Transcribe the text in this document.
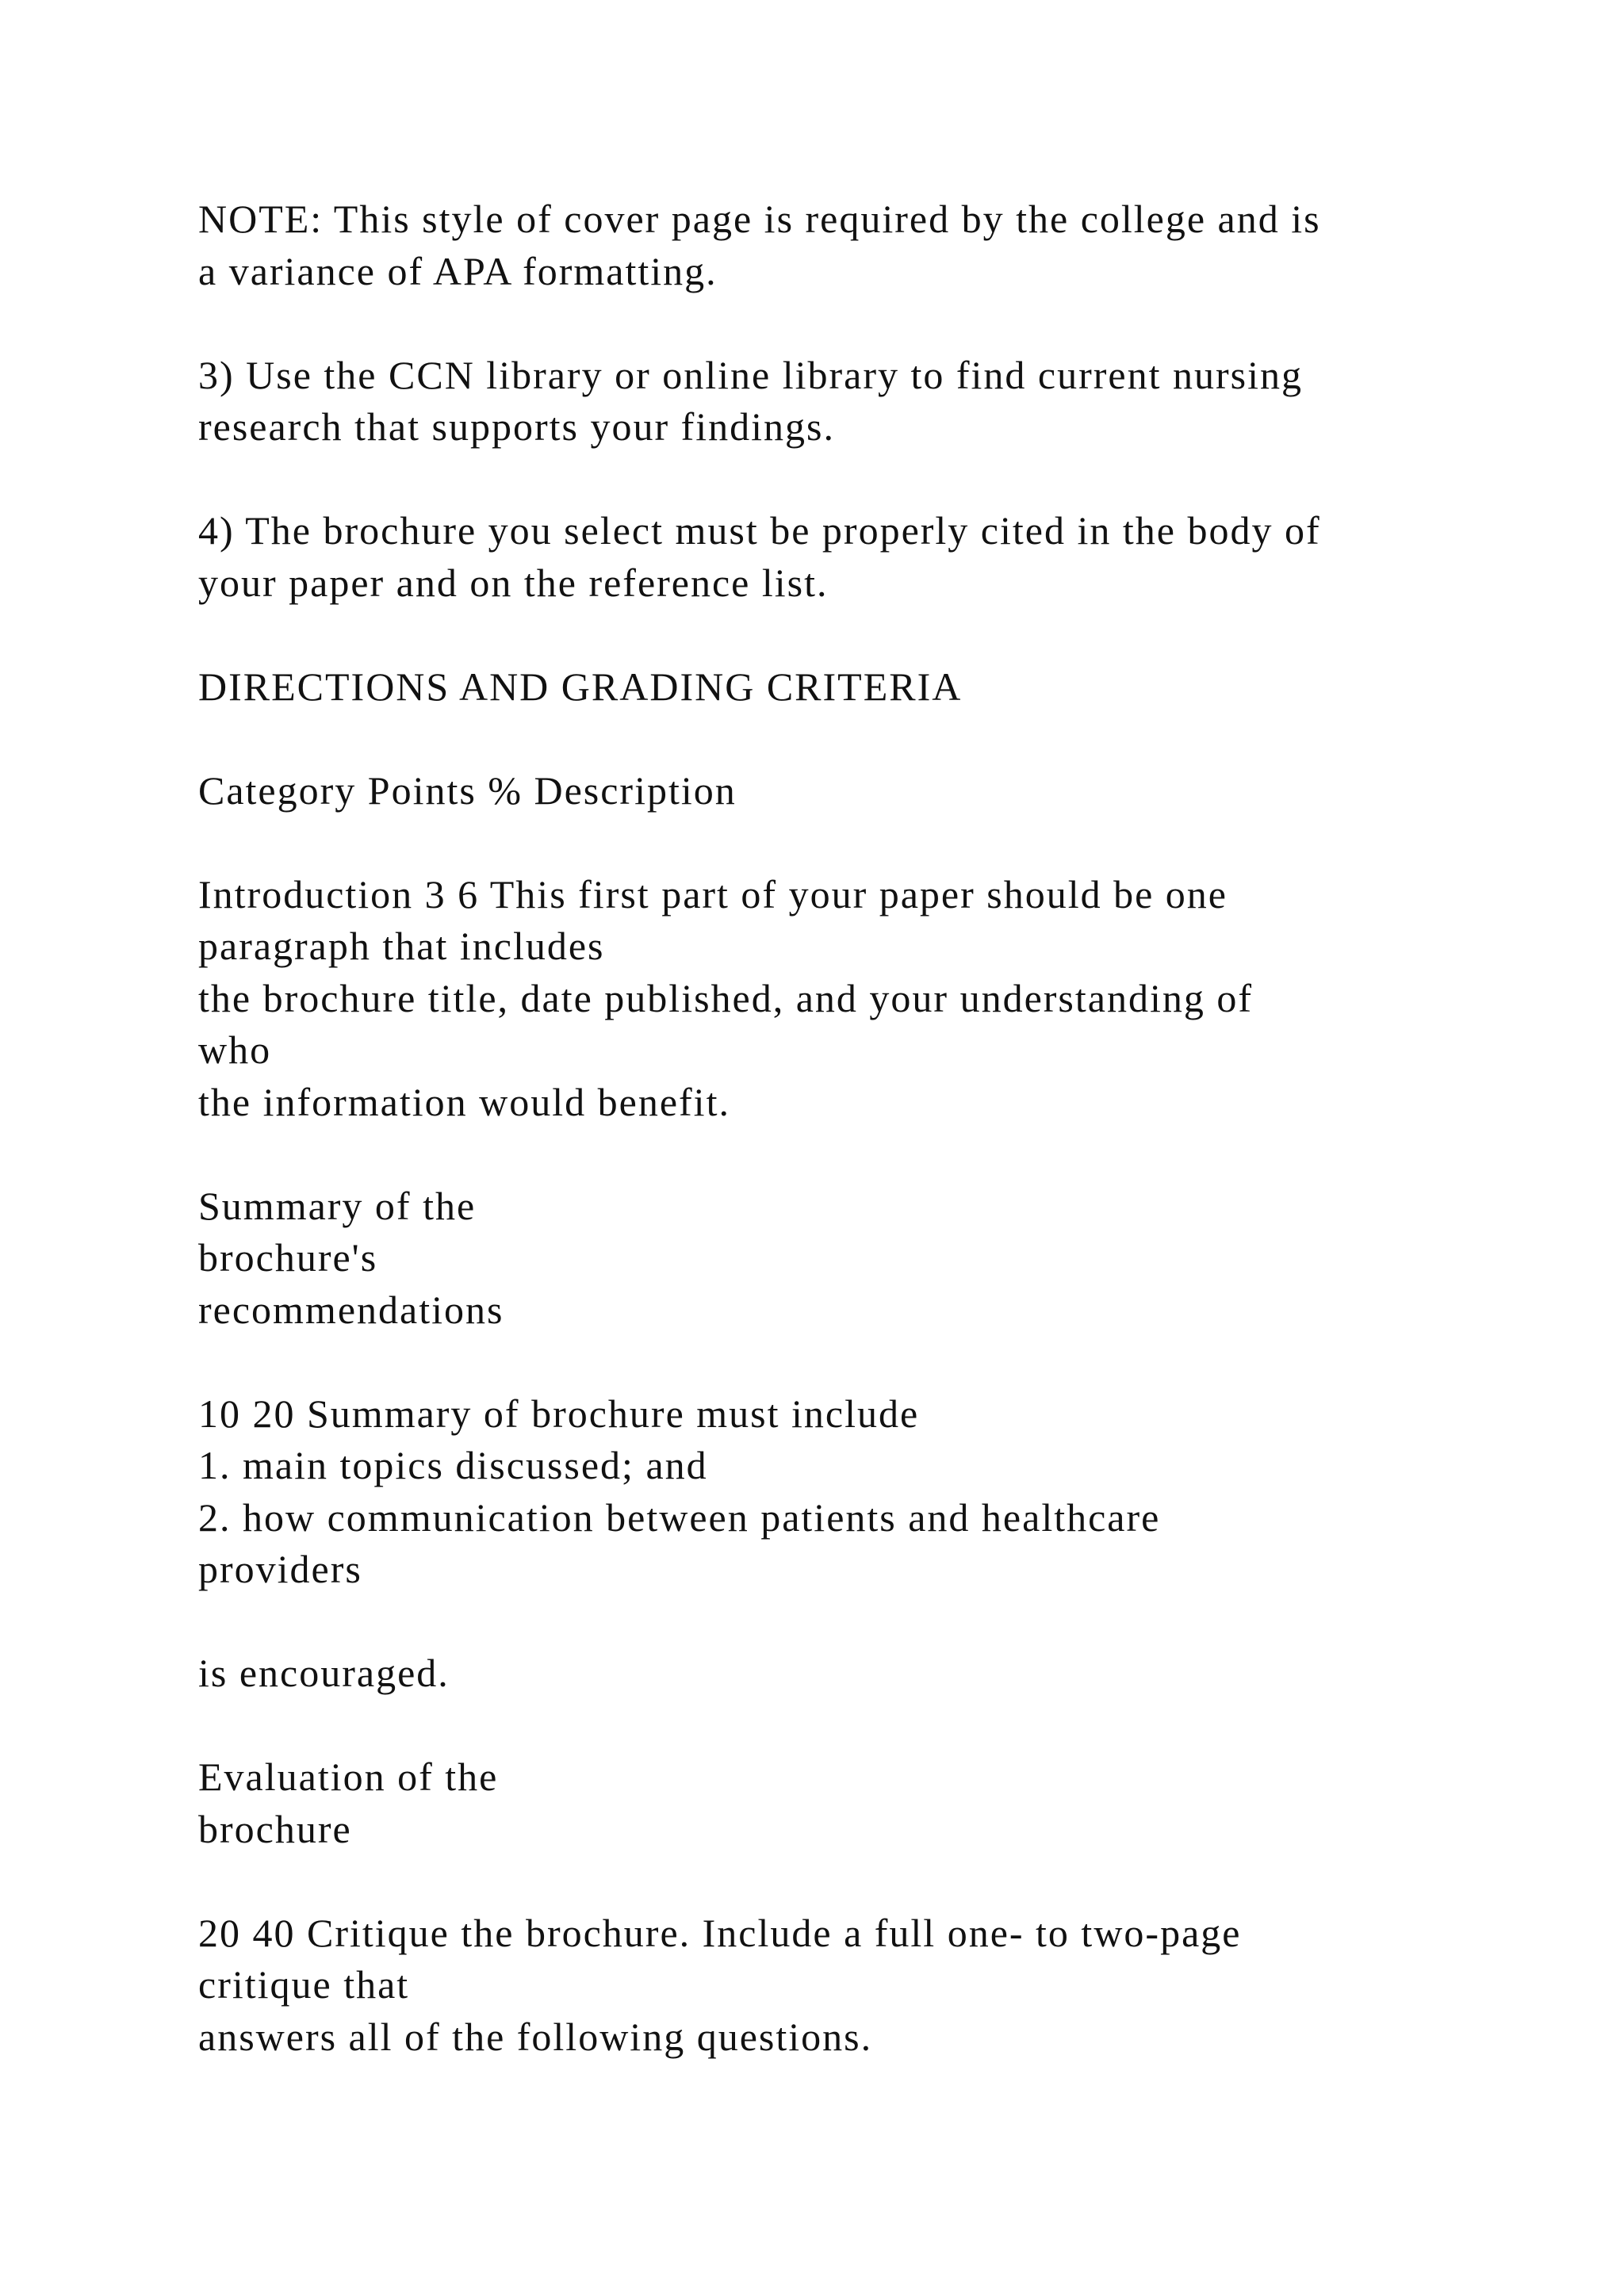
NOTE: This style of cover page is required by the college and is
a variance of APA formatting.
3) Use the CCN library or online library to find current nursing
research that supports your findings.
4) The brochure you select must be properly cited in the body of
your paper and on the reference list.
DIRECTIONS AND GRADING CRITERIA
Category Points % Description
Introduction 3 6 This first part of your paper should be one
paragraph that includes
the brochure title, date published, and your understanding of
who
the information would benefit.
Summary of the
brochure's
recommendations
10 20 Summary of brochure must include
1. main topics discussed; and
2. how communication between patients and healthcare
providers
is encouraged.
Evaluation of the
brochure
20 40 Critique the brochure. Include a full one- to two-page
critique that
answers all of the following questions.
